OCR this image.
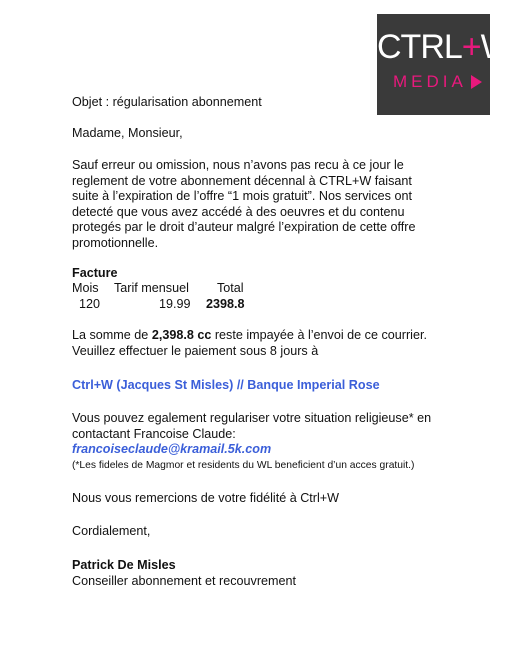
CTRL+W
MEDIA
Objet : régularisation abonnement
Madame, Monsieur,
Sauf erreur ou omission, nous n’avons pas recu à ce jour le
reglement de votre abonnement décennal à CTRL+W faisant
suite à l’expiration de l’offre “1 mois gratuit”. Nos services ont
detecté que vous avez accédé à des oeuvres et du contenu
protegés par le droit d’auteur malgré l’expiration de cette offre
promotionnelle.
Facture
Mois Tarif mensuel Total
120	19.99 2398.8
La somme de 2,398.8 cc reste impayée à l’envoi de ce courrier.
Veuillez effectuer le paiement sous 8 jours à
Ctrl+W (Jacques St Misles) // Banque Imperial Rose
Vous pouvez egalement regulariser votre situation religieuse* en
contactant Francoise Claude:
francoiseclaude@kramail.5k.com
(*Les fideles de Magmor et residents du WL beneficient d’un acces gratuit.)
Nous vous remercions de votre fidélité à Ctrl+W
Cordialement,
Patrick De Misles
Conseiller abonnement et recouvrement
